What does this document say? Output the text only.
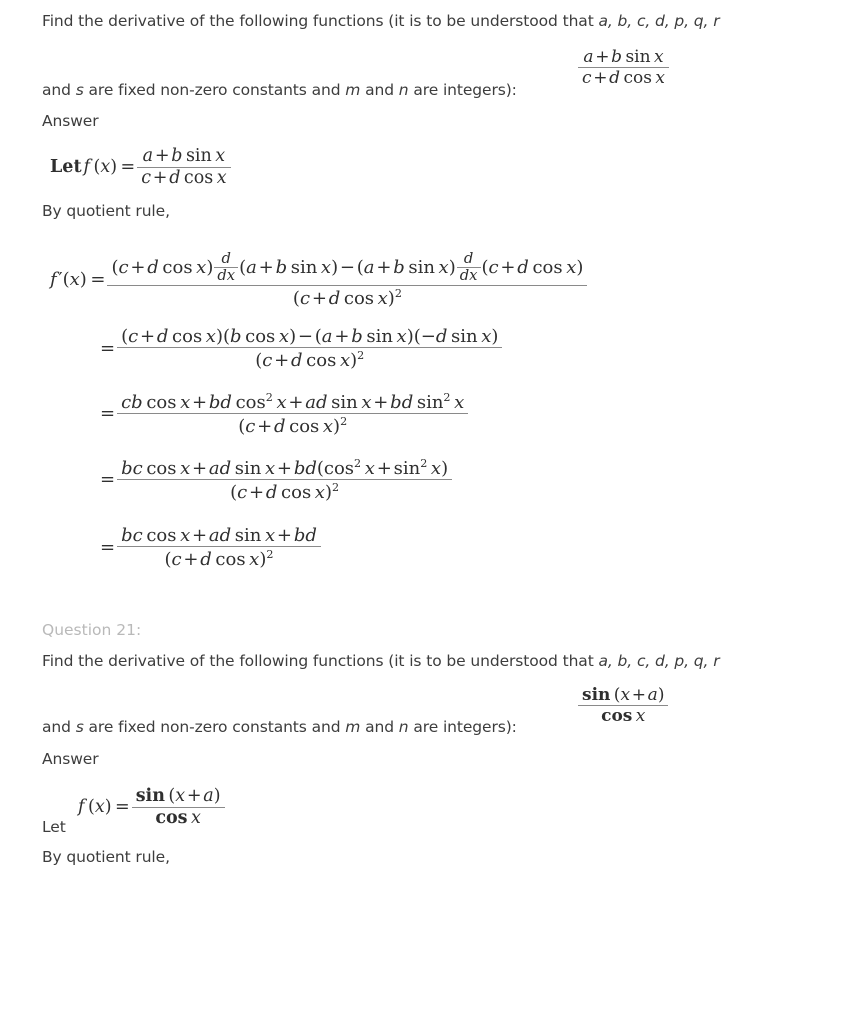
Find the derivative of the following functions (it is to be understood that a, b, c, d, p, q, r
and s are fixed non-zero constants and m and n are integers):
$\frac{\text{a + b  sin  x}}{\text{c + d  cos  x}}$
Answer
Let f  $(x) = \frac{\text{a + b  sin  x}}{\text{c + d  cos  x}}$
By quotient rule,
f ′(x) =
(c + d  $\cos x) \frac{d}{dx} (a$ + b  sin  x) − (a + b  $\sin x) \frac{d}{dx} (c$ + d  cos  x)
(c + d  cos  x)$^2$
= $\frac{\text{(c + d  cos  x)(b  cos  x) − (a + b  sin  x)(−d  sin  x)}}{(c + d \cos x)^2}$
= $\frac{cb \cos x + bd \cos^2 x + ad \sin x + bd \sin^2 x}{(c + d \cos x)^2}$
= $\frac{bc \cos x + ad \sin x + bd(\cos^2 x + \sin^2 x)}{(c + d \cos x)^2}$
= $\frac{\text{bc  cos  x + ad  sin  x + bd}}{(c + d \cos x)^2}$
Question 21:
Find the derivative of the following functions (it is to be understood that a, b, c, d, p, q, r
and s are fixed non-zero constants and m and n are integers):
$\frac{\sin (x + a)}{\text{cos  x}}$
Answer
Let
f  $(x) = \frac{\sin (x + a)}{\text{cos  x}}$
By quotient rule,
